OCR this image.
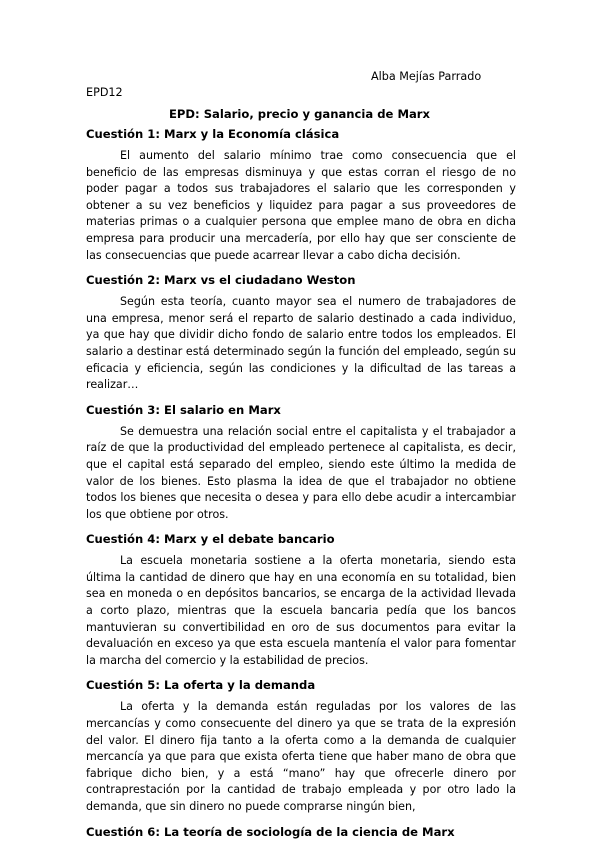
Alba Mejías Parrado
EPD12
EPD: Salario, precio y ganancia de Marx
Cuestión 1: Marx y la Economía clásica

El aumento del salario mínimo trae como consecuencia que el beneficio de las empresas disminuya y que estas corran el riesgo de no poder pagar a todos sus trabajadores el salario que les corresponden y obtener a su vez beneficios y liquidez para pagar a sus proveedores de materias primas o a cualquier persona que emplee mano de obra en dicha empresa para producir una mercadería, por ello hay que ser consciente de las consecuencias que puede acarrear llevar a cabo dicha decisión.

Cuestión 2: Marx vs el ciudadano Weston

Según esta teoría, cuanto mayor sea el numero de trabajadores de una empresa, menor será el reparto de salario destinado a cada individuo, ya que hay que dividir dicho fondo de salario entre todos los empleados. El salario a destinar está determinado según la función del empleado, según su eficacia y eficiencia, según las condiciones y la dificultad de las tareas a realizar…

Cuestión 3: El salario en Marx

Se demuestra una relación social entre el capitalista y el trabajador a raíz de que la productividad del empleado pertenece al capitalista, es decir, que el capital está separado del empleo, siendo este último la medida de valor de los bienes. Esto plasma la idea de que el trabajador no obtiene todos los bienes que necesita o desea y para ello debe acudir a intercambiar los que obtiene por otros.

Cuestión 4: Marx y el debate bancario

La escuela monetaria sostiene a la oferta monetaria, siendo esta última la cantidad de dinero que hay en una economía en su totalidad, bien sea en moneda o en depósitos bancarios, se encarga de la actividad llevada a corto plazo, mientras que la escuela bancaria pedía que los bancos mantuvieran su convertibilidad en oro de sus documentos para evitar la devaluación en exceso ya que esta escuela mantenía el valor para fomentar la marcha del comercio y la estabilidad de precios.

Cuestión 5: La oferta y la demanda

La oferta y la demanda están reguladas por los valores de las mercancías y como consecuente del dinero ya que se trata de la expresión del valor. El dinero fija tanto a la oferta como a la demanda de cualquier mercancía ya que para que exista oferta tiene que haber mano de obra que fabrique dicho bien, y a está “mano” hay que ofrecerle dinero por contraprestación por la cantidad de trabajo empleada y por otro lado la demanda, que sin dinero no puede comprarse ningún bien,

Cuestión 6: La teoría de sociología de la ciencia de Marx
